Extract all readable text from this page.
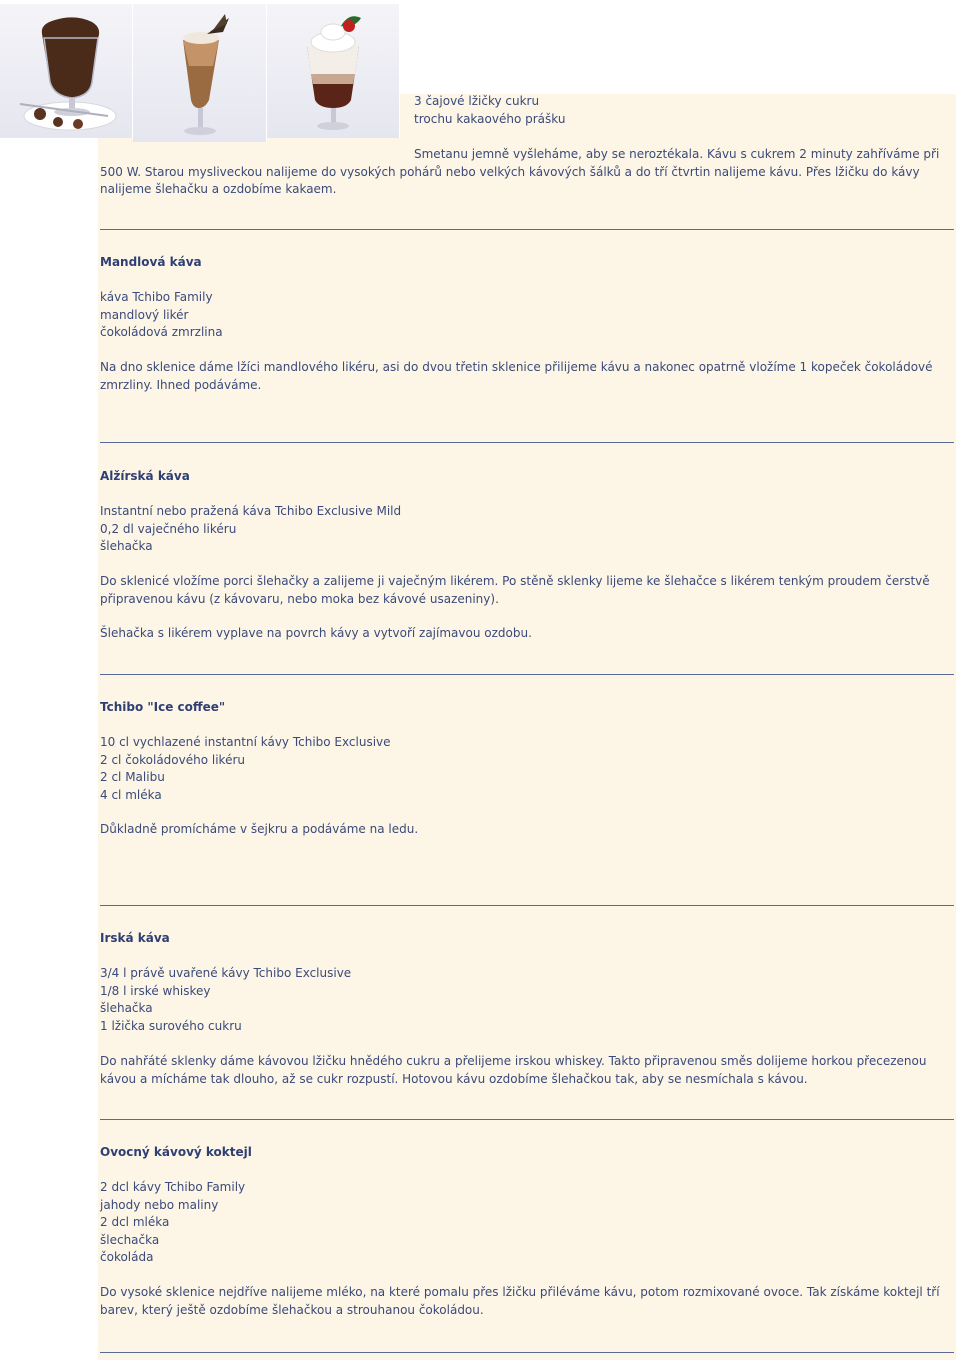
3 čajové lžičky cukru
trochu kakaového prášku
Smetanu jemně vyšleháme, aby se neroztékala. Kávu s cukrem 2 minuty zahříváme při 500 W. Starou mysliveckou nalijeme do vysokých pohárů nebo velkých kávových šálků a do tří čtvrtin nalijeme kávu. Přes lžičku do kávy nalijeme šlehačku a ozdobíme kakaem.
Mandlová káva
káva Tchibo Family
mandlový likér
čokoládová zmrzlina
Na dno sklenice dáme lžíci mandlového likéru, asi do dvou třetin sklenice přilijeme kávu a nakonec opatrně vložíme 1 kopeček čokoládové zmrzliny. Ihned podáváme.
Alžírská káva
Instantní nebo pražená káva Tchibo Exclusive Mild
0,2 dl vaječného likéru
šlehačka
Do sklenicé vložíme porci šlehačky a zalijeme ji vaječným likérem. Po stěně sklenky lijeme ke šlehačce s likérem tenkým proudem čerstvě připravenou kávu (z kávovaru, nebo moka bez kávové usazeniny).
Šlehačka s likérem vyplave na povrch kávy a vytvoří zajímavou ozdobu.
Tchibo "Ice coffee"
10 cl vychlazené instantní kávy Tchibo Exclusive
2 cl čokoládového likéru
2 cl Malibu
4 cl mléka
Důkladně promícháme v šejkru a podáváme na ledu.
Irská káva
3/4 l právě uvařené kávy Tchibo Exclusive
1/8 l irské whiskey
šlehačka
1 lžička surového cukru
Do nahřáté sklenky dáme kávovou lžičku hnědého cukru a přelijeme irskou whiskey. Takto připravenou směs dolijeme horkou přecezenou kávou a mícháme tak dlouho, až se cukr rozpustí. Hotovou kávu ozdobíme šlehačkou tak, aby se nesmíchala s kávou.
Ovocný kávový koktejl
2 dcl kávy Tchibo Family
jahody nebo maliny
2 dcl mléka
šlechačka
čokoláda
Do vysoké sklenice nejdříve nalijeme mléko, na které pomalu přes lžičku přiléváme kávu, potom rozmixované ovoce. Tak získáme koktejl tří barev, který ještě ozdobíme šlehačkou a strouhanou čokoládou.
